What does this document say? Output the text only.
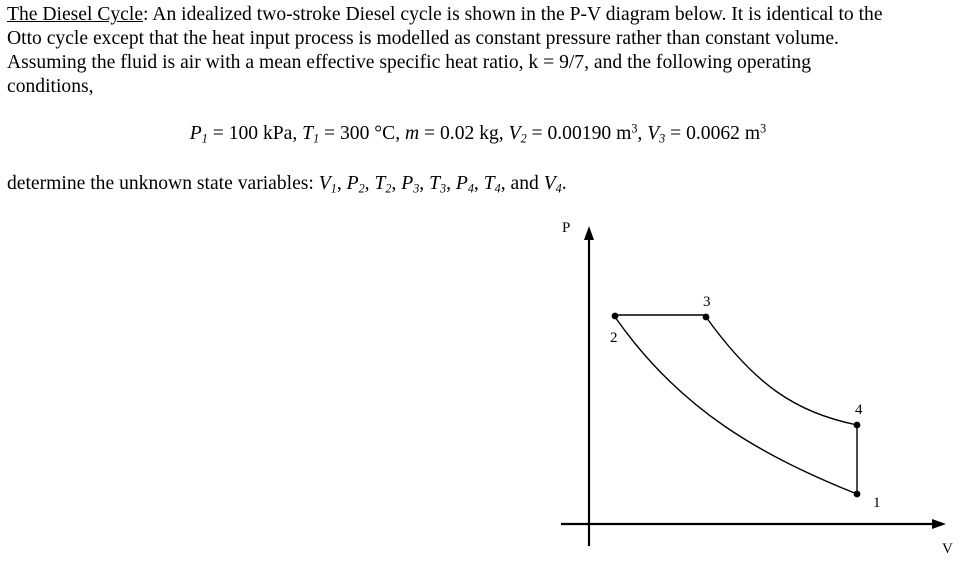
The Diesel Cycle: An idealized two-stroke Diesel cycle is shown in the P-V diagram below. It is identical to the
Otto cycle except that the heat input process is modelled as constant pressure rather than constant volume.
Assuming the fluid is air with a mean effective specific heat ratio, k = 9/7, and the following operating
conditions,
$P_1 = 100$ kPa, $T_1 = 300$ °C, m = 0.02 kg, $V_2 = 0.00190$ $m^3$, $V_3 = 0.0062$ $m^3$
determine the unknown state variables: $V_1$, $P_2$, $T_2$, $P_3$, $T_3$, $P_4$, $T_4$, and $V_4$.
P
V
1
2
3
4
